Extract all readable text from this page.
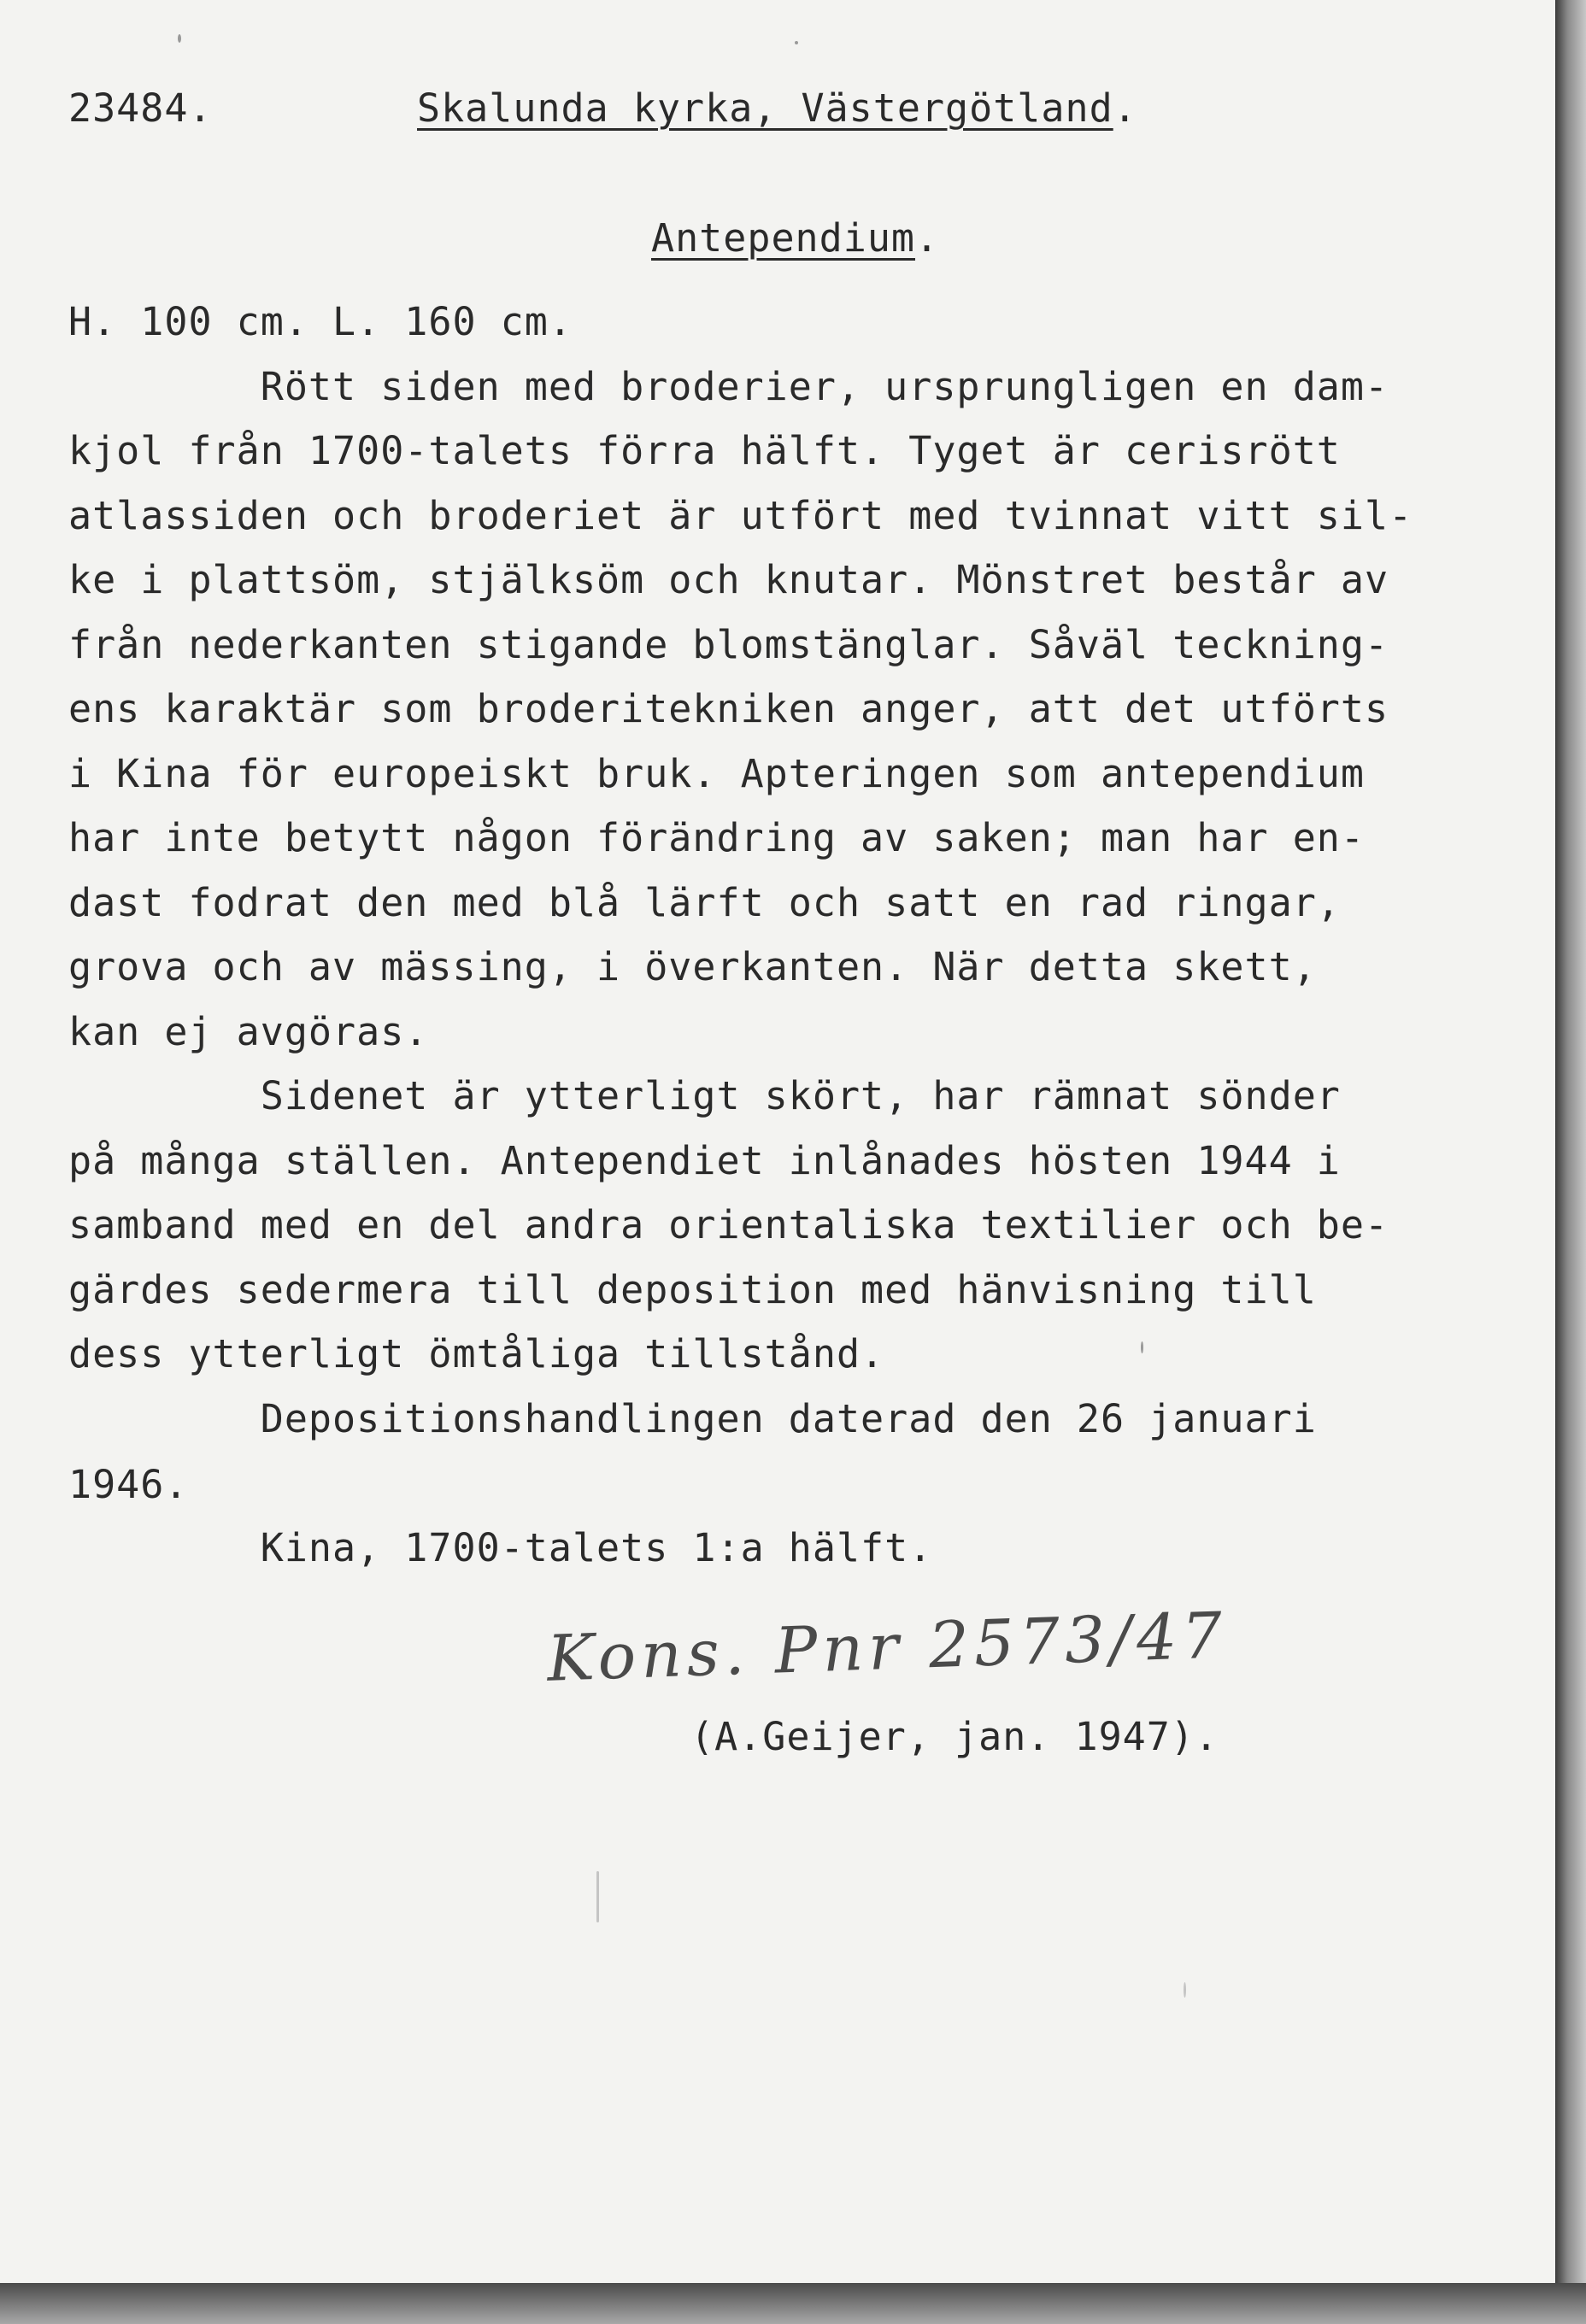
23484.	Skalunda kyrka, Västergötland.
Antependium.
H. 100 cm. L. 160 cm.
Rött siden med broderier, ursprungligen en dam-
kjol från 1700-talets förra hälft. Tyget är cerisrött
atlassiden och broderiet är utfört med tvinnat vitt sil-
ke i plattsöm, stjälksöm och knutar. Mönstret består av
från nederkanten stigande blomstänglar. Såväl teckning-
ens karaktär som broderitekniken anger, att det utförts
i Kina för europeiskt bruk. Apteringen som antependium
har inte betytt någon förändring av saken; man har en-
dast fodrat den med blå lärft och satt en rad ringar,
grova och av mässing, i överkanten. När detta skett,
kan ej avgöras.
Sidenet är ytterligt skört, har rämnat sönder
på många ställen. Antependiet inlånades hösten 1944 i
samband med en del andra orientaliska textilier och be-
gärdes sedermera till deposition med hänvisning till
dess ytterligt ömtåliga tillstånd.
Depositionshandlingen daterad den 26 januari
1946.
Kina, 1700-talets 1:a hälft.
Kons. Pnr 2573/47
(A.Geijer, jan. 1947).
